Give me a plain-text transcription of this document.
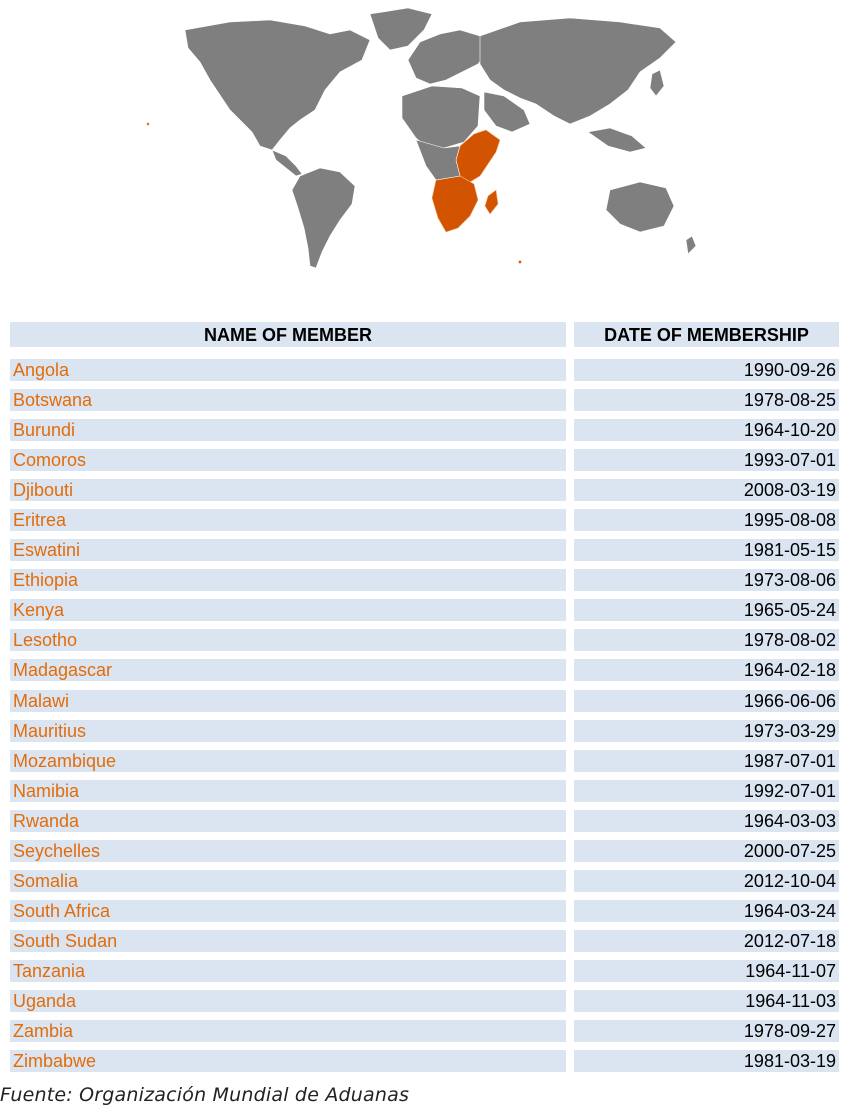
NAME OF MEMBER	DATE OF MEMBERSHIP
Angola	1990-09-26
Botswana	1978-08-25
Burundi	1964-10-20
Comoros	1993-07-01
Djibouti	2008-03-19
Eritrea	1995-08-08
Eswatini	1981-05-15
Ethiopia	1973-08-06
Kenya	1965-05-24
Lesotho	1978-08-02
Madagascar	1964-02-18
Malawi	1966-06-06
Mauritius	1973-03-29
Mozambique	1987-07-01
Namibia	1992-07-01
Rwanda	1964-03-03
Seychelles	2000-07-25
Somalia	2012-10-04
South Africa	1964-03-24
South Sudan	2012-07-18
Tanzania	1964-11-07
Uganda	1964-11-03
Zambia	1978-09-27
Zimbabwe	1981-03-19
Fuente: Organización Mundial de Aduanas
